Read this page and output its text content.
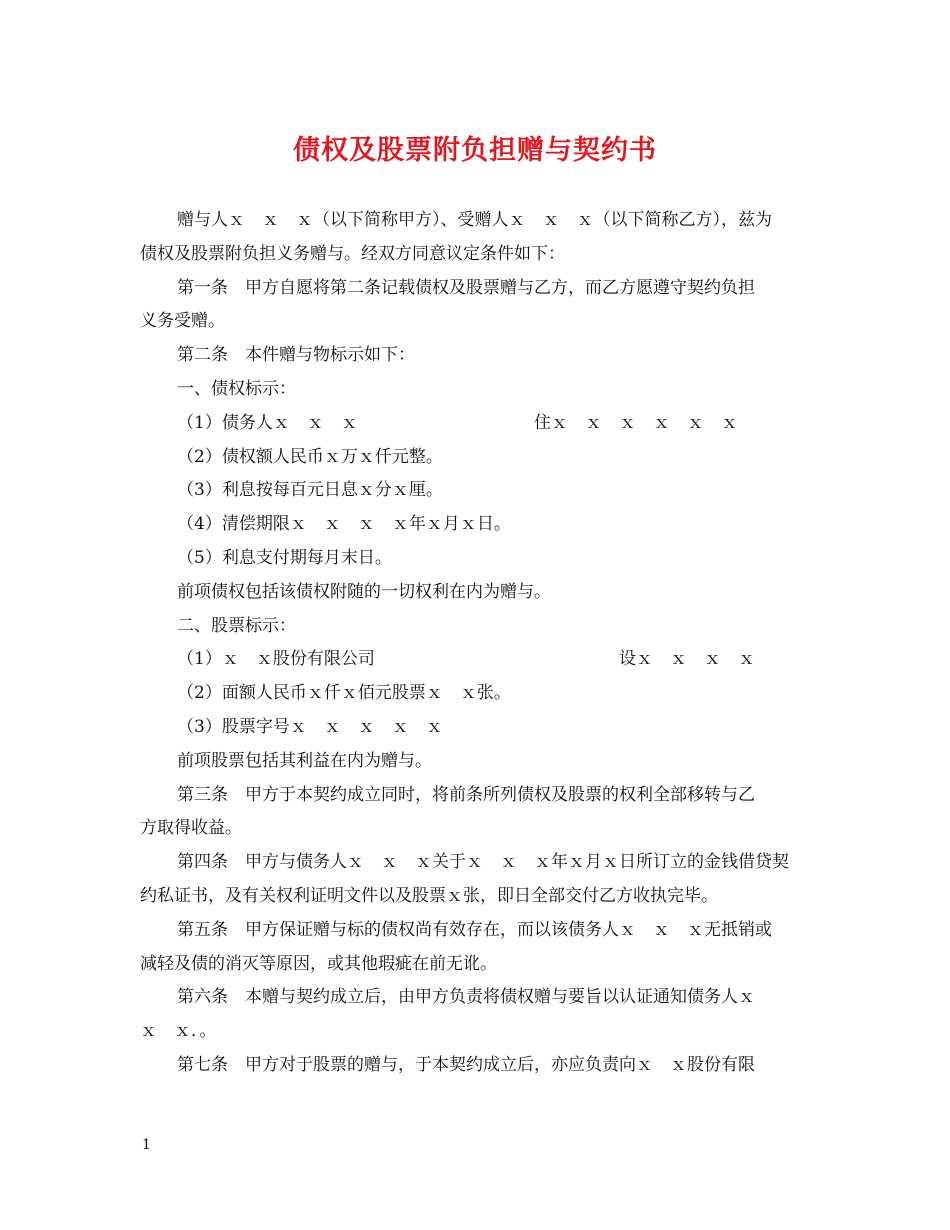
债权及股票附负担赠与契约书
赠与人ｘ　ｘ　ｘ（以下简称甲方）、受赠人ｘ　ｘ　ｘ（以下简称乙方），兹为
债权及股票附负担义务赠与。经双方同意议定条件如下：
第一条　甲方自愿将第二条记载债权及股票赠与乙方，而乙方愿遵守契约负担
义务受赠。
第二条　本件赠与物标示如下：
一、债权标示：
（1）债务人ｘ　ｘ　ｘ	住ｘ　ｘ　ｘ　ｘ　ｘ　ｘ
（2）债权额人民币ｘ万ｘ仟元整。
（3）利息按每百元日息ｘ分ｘ厘。
（4）清偿期限ｘ　ｘ　ｘ　ｘ年ｘ月ｘ日。
（5）利息支付期每月末日。
前项债权包括该债权附随的一切权利在内为赠与。
二、股票标示：
（1）ｘ　ｘ股份有限公司	设ｘ　ｘ　ｘ　ｘ
（2）面额人民币ｘ仟ｘ佰元股票ｘ　ｘ张。
（3）股票字号ｘ　ｘ　ｘ　ｘ　ｘ
前项股票包括其利益在内为赠与。
第三条　甲方于本契约成立同时，将前条所列债权及股票的权利全部移转与乙
方取得收益。
第四条　甲方与债务人ｘ　ｘ　ｘ关于ｘ　ｘ　ｘ年ｘ月ｘ日所订立的金钱借贷契
约私证书，及有关权利证明文件以及股票ｘ张，即日全部交付乙方收执完毕。
第五条　甲方保证赠与标的债权尚有效存在，而以该债务人ｘ　ｘ　ｘ无抵销或
减轻及债的消灭等原因，或其他瑕疵在前无讹。
第六条　本赠与契约成立后，由甲方负责将债权赠与要旨以认证通知债务人ｘ
ｘ　ｘ．。
第七条　甲方对于股票的赠与，于本契约成立后，亦应负责向ｘ　ｘ股份有限
1
